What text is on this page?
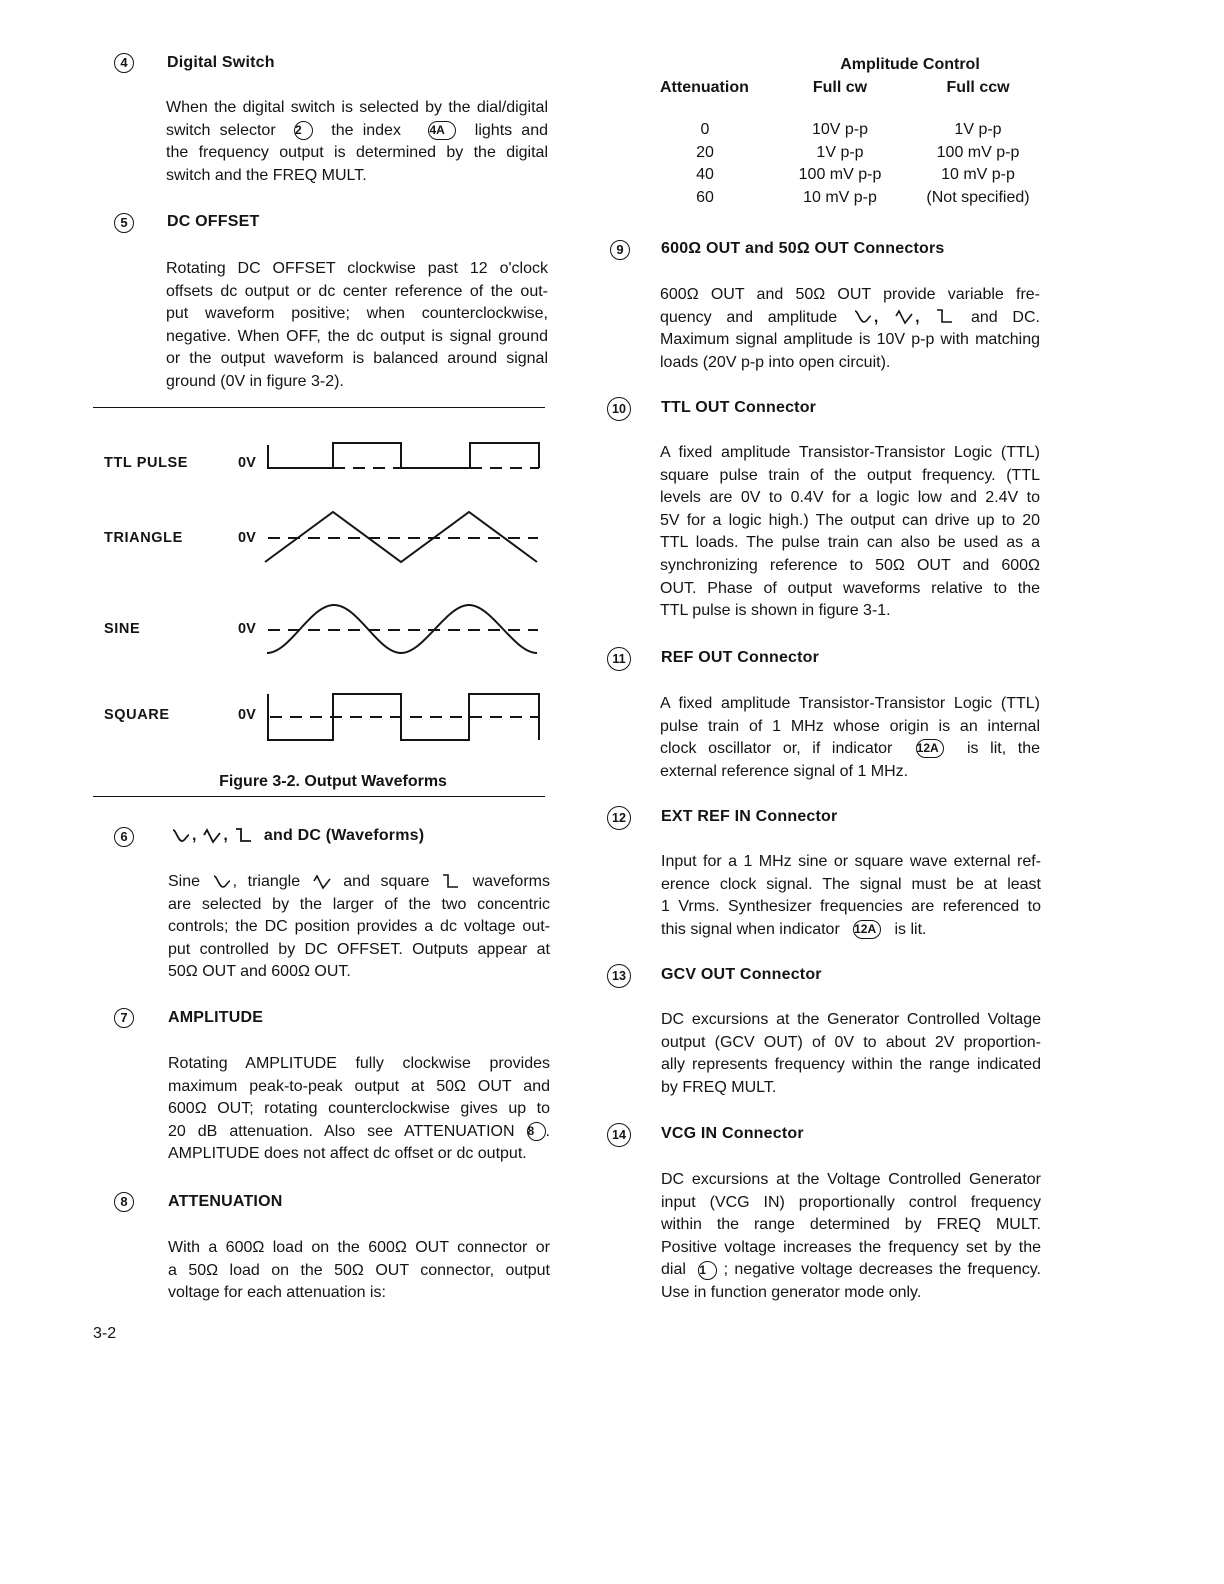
4	Digital Switch
When the digital switch is selected by the dial/digital
switch selector 2 the index 4A lights and
the frequency output is determined by the digital
switch and the FREQ MULT.
5	DC OFFSET
Rotating DC OFFSET clockwise past 12 o'clock
offsets dc output or dc center reference of the out-
put waveform positive; when counterclockwise,
negative. When OFF, the dc output is signal ground
or the output waveform is balanced around signal
ground (0V in figure 3-2).
TTL PULSE
TRIANGLE
SINE
SQUARE
0V
0V
0V
0V
Figure 3-2. Output Waveforms
6	, , and DC (Waveforms)
Sine , triangle	and square	waveforms
are selected by the larger of the two concentric
controls; the DC position provides a dc voltage out-
put controlled by DC OFFSET. Outputs appear at
50Ω OUT and 600Ω OUT.
7	AMPLITUDE
Rotating AMPLITUDE fully clockwise provides
maximum peak-to-peak output at 50Ω OUT and
600Ω OUT; rotating counterclockwise gives up to
20 dB attenuation. Also see ATTENUATION 8 .
AMPLITUDE does not affect dc offset or dc output.
8	ATTENUATION
With a 600Ω load on the 600Ω OUT connector or
a 50Ω load on the 50Ω OUT connector, output
voltage for each attenuation is:
3-2
	Amplitude Control	
Attenuation	Full cw	Full ccw

0	10V p-p	1V p-p
20	1V p-p	100 mV p-p
40	100 mV p-p	10 mV p-p
60	10 mV p-p	(Not specified)
9	600Ω OUT and 50Ω OUT Connectors
600Ω OUT and 50Ω OUT provide variable fre-
quency and amplitude , ,	and DC.
Maximum signal amplitude is 10V p-p with matching
loads (20V p-p into open circuit).
10	TTL OUT Connector
A fixed amplitude Transistor-Transistor Logic (TTL)
square pulse train of the output frequency. (TTL
levels are 0V to 0.4V for a logic low and 2.4V to
5V for a logic high.) The output can drive up to 20
TTL loads. The pulse train can also be used as a
synchronizing reference to 50Ω OUT and 600Ω
OUT. Phase of output waveforms relative to the
TTL pulse is shown in figure 3-1.
11	REF OUT Connector
A fixed amplitude Transistor-Transistor Logic (TTL)
pulse train of 1 MHz whose origin is an internal
clock oscillator or, if indicator 12A is lit, the
external reference signal of 1 MHz.
12	EXT REF IN Connector
Input for a 1 MHz sine or square wave external ref-
erence clock signal. The signal must be at least
1 Vrms. Synthesizer frequencies are referenced to
this signal when indicator 12A is lit.
13	GCV OUT Connector
DC excursions at the Generator Controlled Voltage
output (GCV OUT) of 0V to about 2V proportion-
ally represents frequency within the range indicated
by FREQ MULT.
14	VCG IN Connector
DC excursions at the Voltage Controlled Generator
input (VCG IN) proportionally control frequency
within the range determined by FREQ MULT.
Positive voltage increases the frequency set by the
dial 1 ; negative voltage decreases the frequency.
Use in function generator mode only.
